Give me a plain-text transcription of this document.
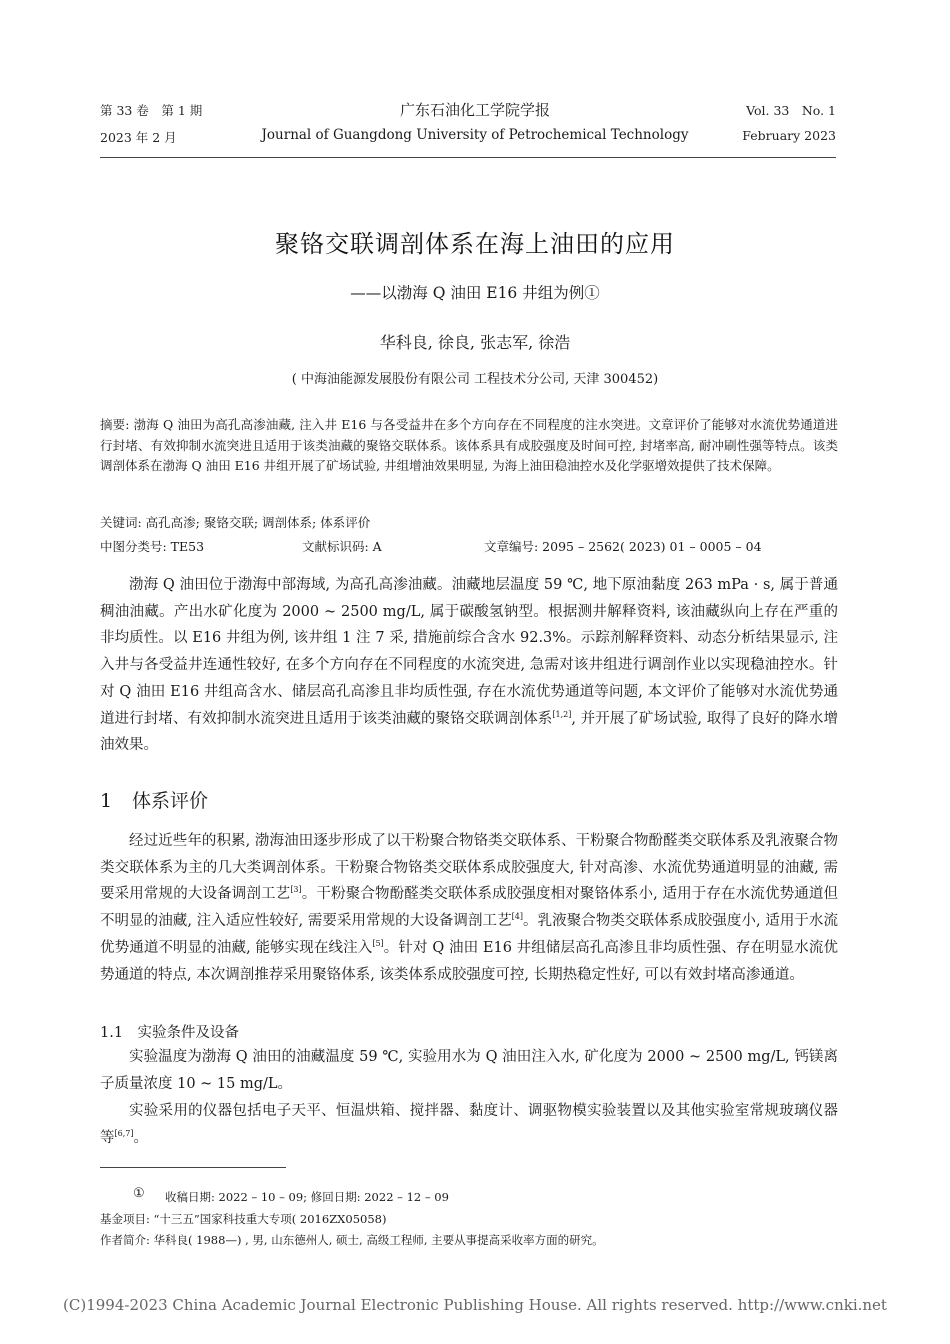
第 33 卷　第 1 期
2023 年 2 月
广东石油化工学院学报
Journal of Guangdong University of Petrochemical Technology
Vol. 33　No. 1
February 2023
聚铬交联调剖体系在海上油田的应用
——以渤海 Q 油田 E16 井组为例①
华科良, 徐良, 张志军, 徐浩
( 中海油能源发展股份有限公司 工程技术分公司, 天津 300452)
摘要: 渤海 Q 油田为高孔高渗油藏, 注入井 E16 与各受益井在多个方向存在不同程度的注水突进。文章评价了能够对水流优势通道进行封堵、有效抑制水流突进且适用于该类油藏的聚铬交联体系。该体系具有成胶强度及时间可控, 封堵率高, 耐冲刷性强等特点。该类调剖体系在渤海 Q 油田 E16 井组开展了矿场试验, 井组增油效果明显, 为海上油田稳油控水及化学驱增效提供了技术保障。
关键词: 高孔高渗; 聚铬交联; 调剖体系; 体系评价
中图分类号: TE53	文献标识码: A	文章编号: 2095 – 2562( 2023) 01 – 0005 – 04

渤海 Q 油田位于渤海中部海域, 为高孔高渗油藏。油藏地层温度 59 ℃, 地下原油黏度 263 mPa · s, 属于普通稠油油藏。产出水矿化度为 2000 ~ 2500 mg/L, 属于碳酸氢钠型。根据测井解释资料, 该油藏纵向上存在严重的非均质性。以 E16 井组为例, 该井组 1 注 7 采, 措施前综合含水 92.3%。示踪剂解释资料、动态分析结果显示, 注入井与各受益井连通性较好, 在多个方向存在不同程度的水流突进, 急需对该井组进行调剖作业以实现稳油控水。针对 Q 油田 E16 井组高含水、储层高孔高渗且非均质性强, 存在水流优势通道等问题, 本文评价了能够对水流优势通道进行封堵、有效抑制水流突进且适用于该类油藏的聚铬交联调剖体系[1,2], 并开展了矿场试验, 取得了良好的降水增油效果。

1 体系评价

经过近些年的积累, 渤海油田逐步形成了以干粉聚合物铬类交联体系、干粉聚合物酚醛类交联体系及乳液聚合物类交联体系为主的几大类调剖体系。干粉聚合物铬类交联体系成胶强度大, 针对高渗、水流优势通道明显的油藏, 需要采用常规的大设备调剖工艺[3]。干粉聚合物酚醛类交联体系成胶强度相对聚铬体系小, 适用于存在水流优势通道但不明显的油藏, 注入适应性较好, 需要采用常规的大设备调剖工艺[4]。乳液聚合物类交联体系成胶强度小, 适用于水流优势通道不明显的油藏, 能够实现在线注入[5]。针对 Q 油田 E16 井组储层高孔高渗且非均质性强、存在明显水流优势通道的特点, 本次调剖推荐采用聚铬体系, 该类体系成胶强度可控, 长期热稳定性好, 可以有效封堵高渗通道。

1.1　实验条件及设备

实验温度为渤海 Q 油田的油藏温度 59 ℃, 实验用水为 Q 油田注入水, 矿化度为 2000 ~ 2500 mg/L, 钙镁离子质量浓度 10 ~ 15 mg/L。

实验采用的仪器包括电子天平、恒温烘箱、搅拌器、黏度计、调驱物模实验装置以及其他实验室常规玻璃仪器等[6,7]。

① 收稿日期: 2022 – 10 – 09; 修回日期: 2022 – 12 – 09
基金项目: “十三五”国家科技重大专项( 2016ZX05058)
作者简介: 华科良( 1988—) , 男, 山东德州人, 硕士, 高级工程师, 主要从事提高采收率方面的研究。
(C)1994-2023 China Academic Journal Electronic Publishing House. All rights reserved. http://www.cnki.net
